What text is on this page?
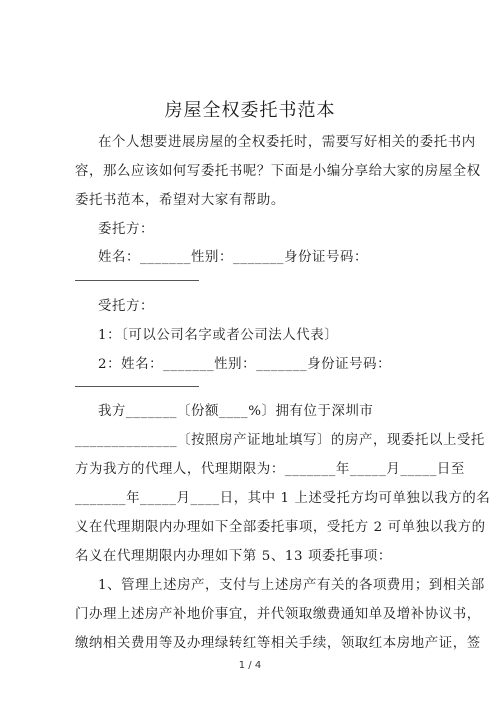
房屋全权委托书范本
在个人想要进展房屋的全权委托时，需要写好相关的委托书内
容，那么应该如何写委托书呢？下面是小编分享给大家的房屋全权
委托书范本，希望对大家有帮助。
委托方：
姓名：_______性别：_______身份证号码：
受托方：
1：〔可以公司名字或者公司法人代表〕
2：姓名：_______性别：_______身份证号码：
我方_______〔份额____%〕拥有位于深圳市
______________〔按照房产证地址填写〕的房产，现委托以上受托
方为我方的代理人，代理期限为：_______年_____月_____日至
_______年_____月____日，其中 1 上述受托方均可单独以我方的名
义在代理期限内办理如下全部委托事项，受托方 2 可单独以我方的
名义在代理期限内办理如下第 5、13 项委托事项：
1、管理上述房产，支付与上述房产有关的各项费用；到相关部
门办理上述房产补地价事宜，并代领取缴费通知单及增补协议书，
缴纳相关费用等及办理绿转红等相关手续，领取红本房地产证，签
1 / 4
